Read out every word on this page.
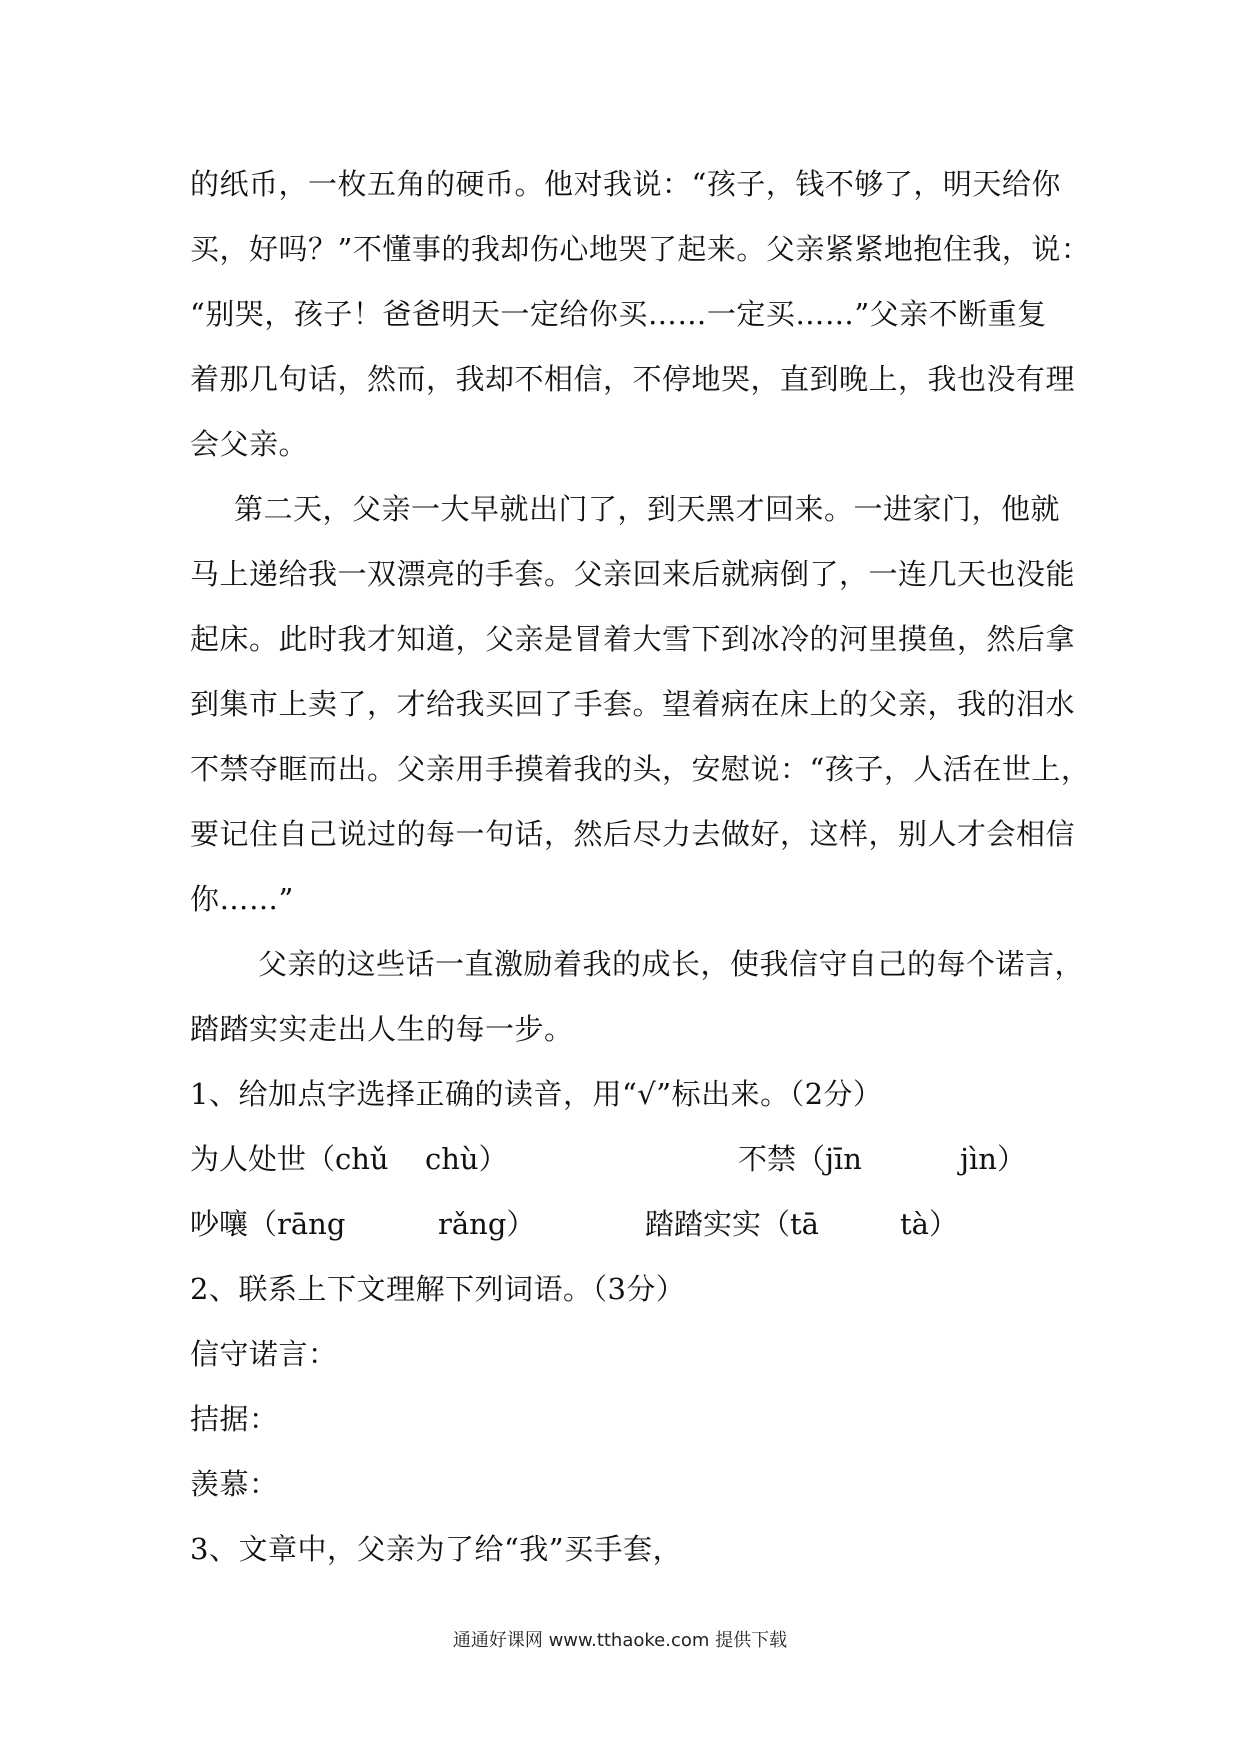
的纸币，一枚五角的硬币。他对我说：“孩子，钱不够了，明天给你
买，好吗？”不懂事的我却伤心地哭了起来。父亲紧紧地抱住我，说：
“别哭，孩子！爸爸明天一定给你买……一定买……”父亲不断重复
着那几句话，然而，我却不相信，不停地哭，直到晚上，我也没有理
会父亲。
第二天，父亲一大早就出门了，到天黑才回来。一进家门，他就
马上递给我一双漂亮的手套。父亲回来后就病倒了，一连几天也没能
起床。此时我才知道，父亲是冒着大雪下到冰冷的河里摸鱼，然后拿
到集市上卖了，才给我买回了手套。望着病在床上的父亲，我的泪水
不禁夺眶而出。父亲用手摸着我的头，安慰说：“孩子，人活在世上，
要记住自己说过的每一句话，然后尽力去做好，这样，别人才会相信
你……”
父亲的这些话一直激励着我的成长，使我信守自己的每个诺言，
踏踏实实走出人生的每一步。
1、给加点字选择正确的读音，用“√”标出来。（2分）
为人处世（chǔ chù）	不禁（jīn	jìn）
吵嚷（rāng	rǎng）	踏踏实实（tā	tà）
2、联系上下文理解下列词语。（3分）
信守诺言：
拮据：
羡慕：
3、文章中，父亲为了给“我”买手套，
通通好课网 www.tthaoke.com 提供下载
